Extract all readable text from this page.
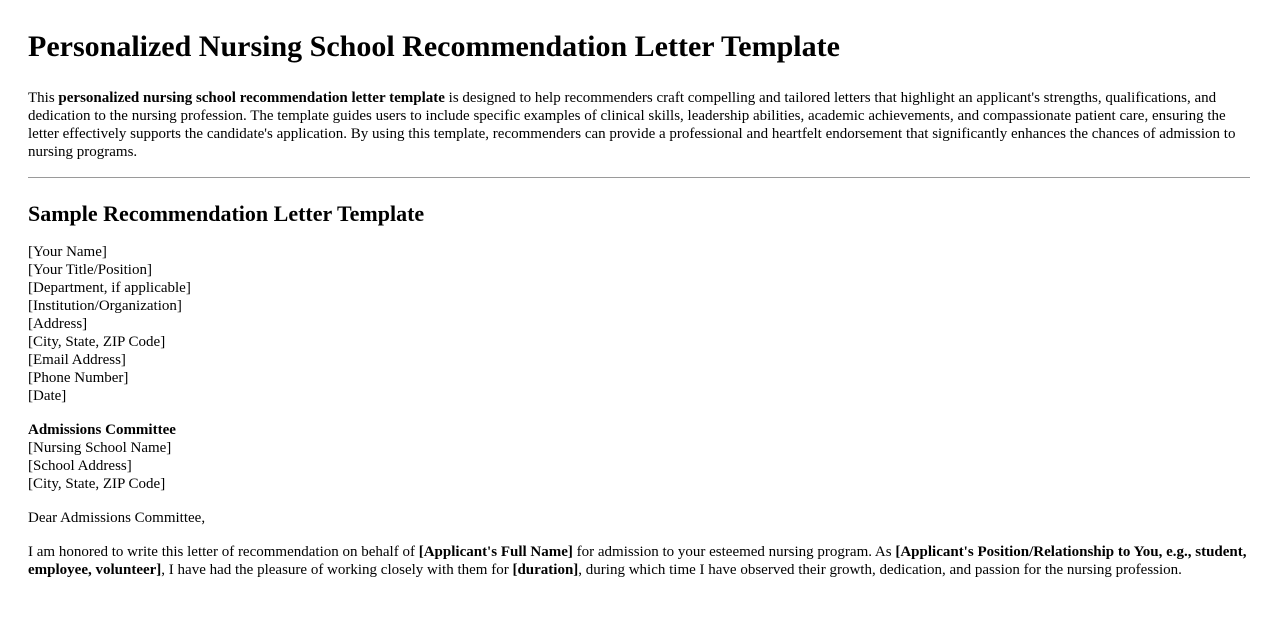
Personalized Nursing School Recommendation Letter Template

This personalized nursing school recommendation letter template is designed to help recommenders craft compelling and tailored letters that highlight an applicant's strengths, qualifications, and dedication to the nursing profession. The template guides users to include specific examples of clinical skills, leadership abilities, academic achievements, and compassionate patient care, ensuring the letter effectively supports the candidate's application. By using this template, recommenders can provide a professional and heartfelt endorsement that significantly enhances the chances of admission to nursing programs.

Sample Recommendation Letter Template
[Your Name]
[Your Title/Position]
[Department, if applicable]
[Institution/Organization]
[Address]
[City, State, ZIP Code]
[Email Address]
[Phone Number]
[Date]
Admissions Committee
[Nursing School Name]
[School Address]
[City, State, ZIP Code]

Dear Admissions Committee,

I am honored to write this letter of recommendation on behalf of [Applicant's Full Name] for admission to your esteemed nursing program. As [Applicant's Position/Relationship to You, e.g., student, employee, volunteer], I have had the pleasure of working closely with them for [duration], during which time I have observed their growth, dedication, and passion for the nursing profession.
